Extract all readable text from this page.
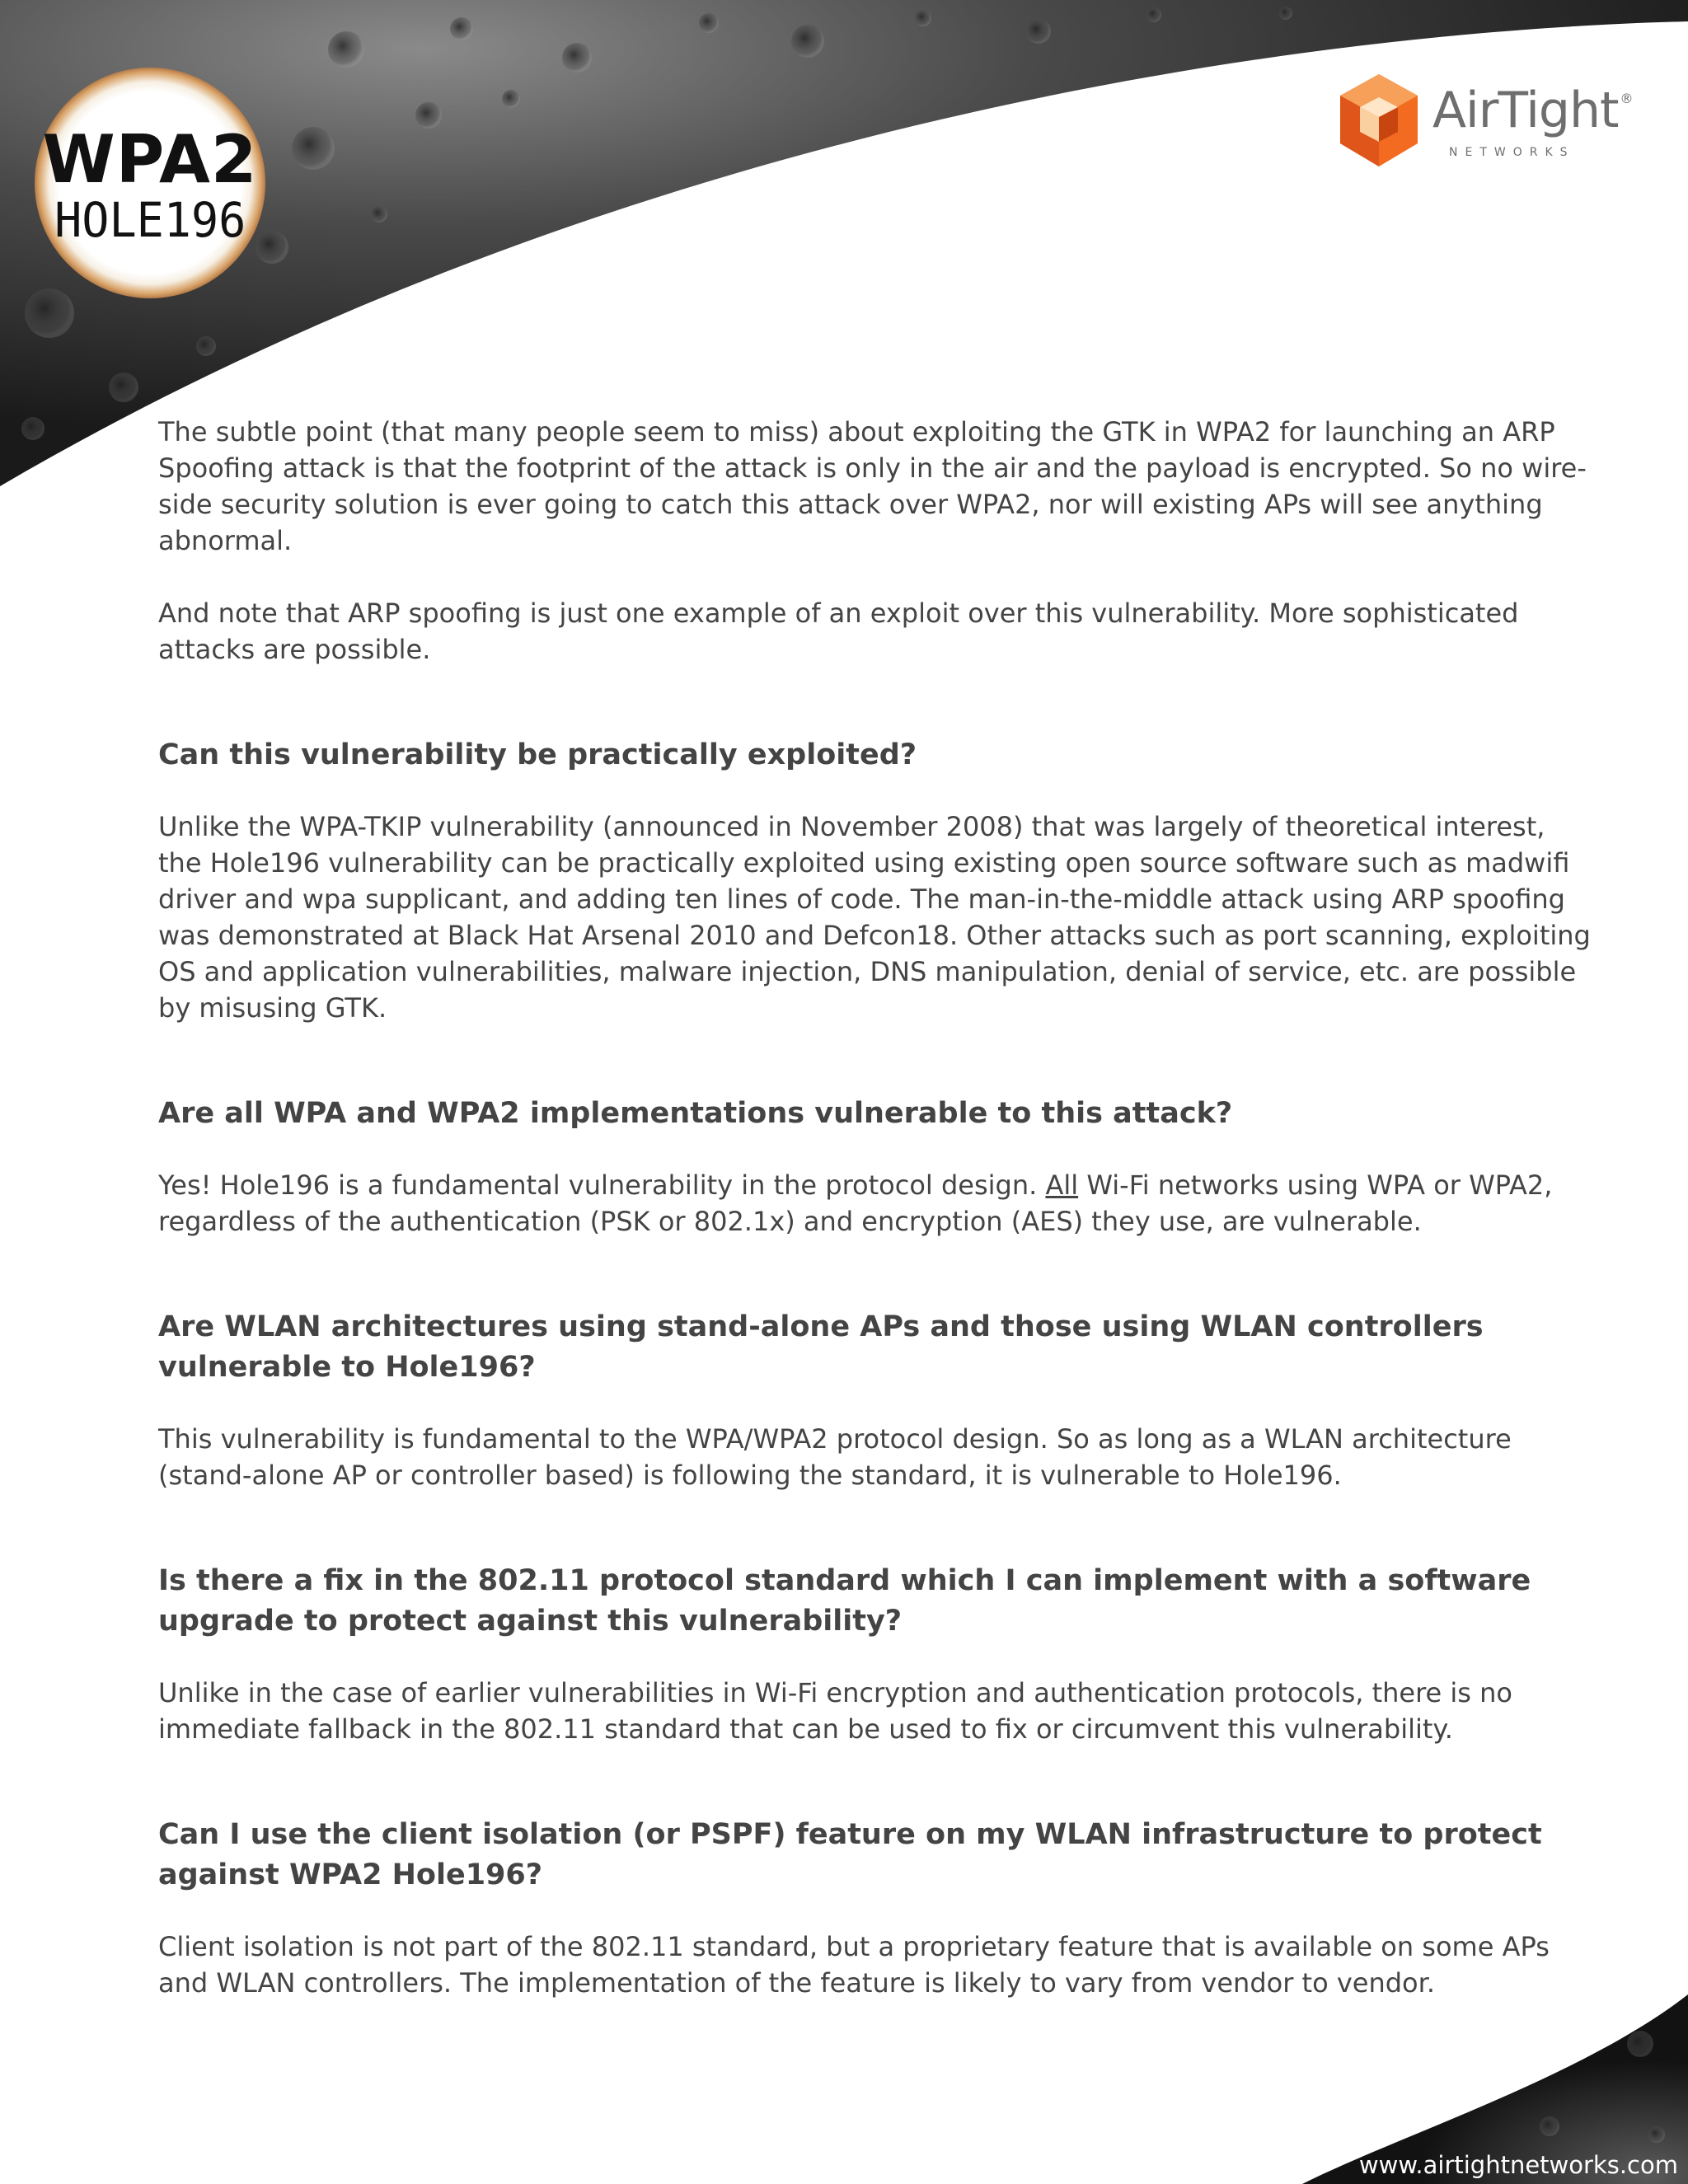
WPA2
HOLE196
AirTight ®
NETWORKS

The subtle point (that many people seem to miss) about exploiting the GTK in WPA2 for launching an ARP Spoofing attack is that the footprint of the attack is only in the air and the payload is encrypted. So no wire-side security solution is ever going to catch this attack over WPA2, nor will existing APs will see anything abnormal.

And note that ARP spoofing is just one example of an exploit over this vulnerability. More sophisticated attacks are possible.

Can this vulnerability be practically exploited?

Unlike the WPA-TKIP vulnerability (announced in November 2008) that was largely of theoretical interest, the Hole196 vulnerability can be practically exploited using existing open source software such as madwifi driver and wpa supplicant, and adding ten lines of code. The man-in-the-middle attack using ARP spoofing was demonstrated at Black Hat Arsenal 2010 and Defcon18. Other attacks such as port scanning, exploiting OS and application vulnerabilities, malware injection, DNS manipulation, denial of service, etc. are possible by misusing GTK.

Are all WPA and WPA2 implementations vulnerable to this attack?

Yes! Hole196 is a fundamental vulnerability in the protocol design. All Wi-Fi networks using WPA or WPA2, regardless of the authentication (PSK or 802.1x) and encryption (AES) they use, are vulnerable.

Are WLAN architectures using stand-alone APs and those using WLAN controllers vulnerable to Hole196?

This vulnerability is fundamental to the WPA/WPA2 protocol design. So as long as a WLAN architecture (stand-alone AP or controller based) is following the standard, it is vulnerable to Hole196.

Is there a fix in the 802.11 protocol standard which I can implement with a software upgrade to protect against this vulnerability?

Unlike in the case of earlier vulnerabilities in Wi-Fi encryption and authentication protocols, there is no immediate fallback in the 802.11 standard that can be used to fix or circumvent this vulnerability.

Can I use the client isolation (or PSPF) feature on my WLAN infrastructure to protect against WPA2 Hole196?

Client isolation is not part of the 802.11 standard, but a proprietary feature that is available on some APs and WLAN controllers. The implementation of the feature is likely to vary from vendor to vendor.

www.airtightnetworks.com
